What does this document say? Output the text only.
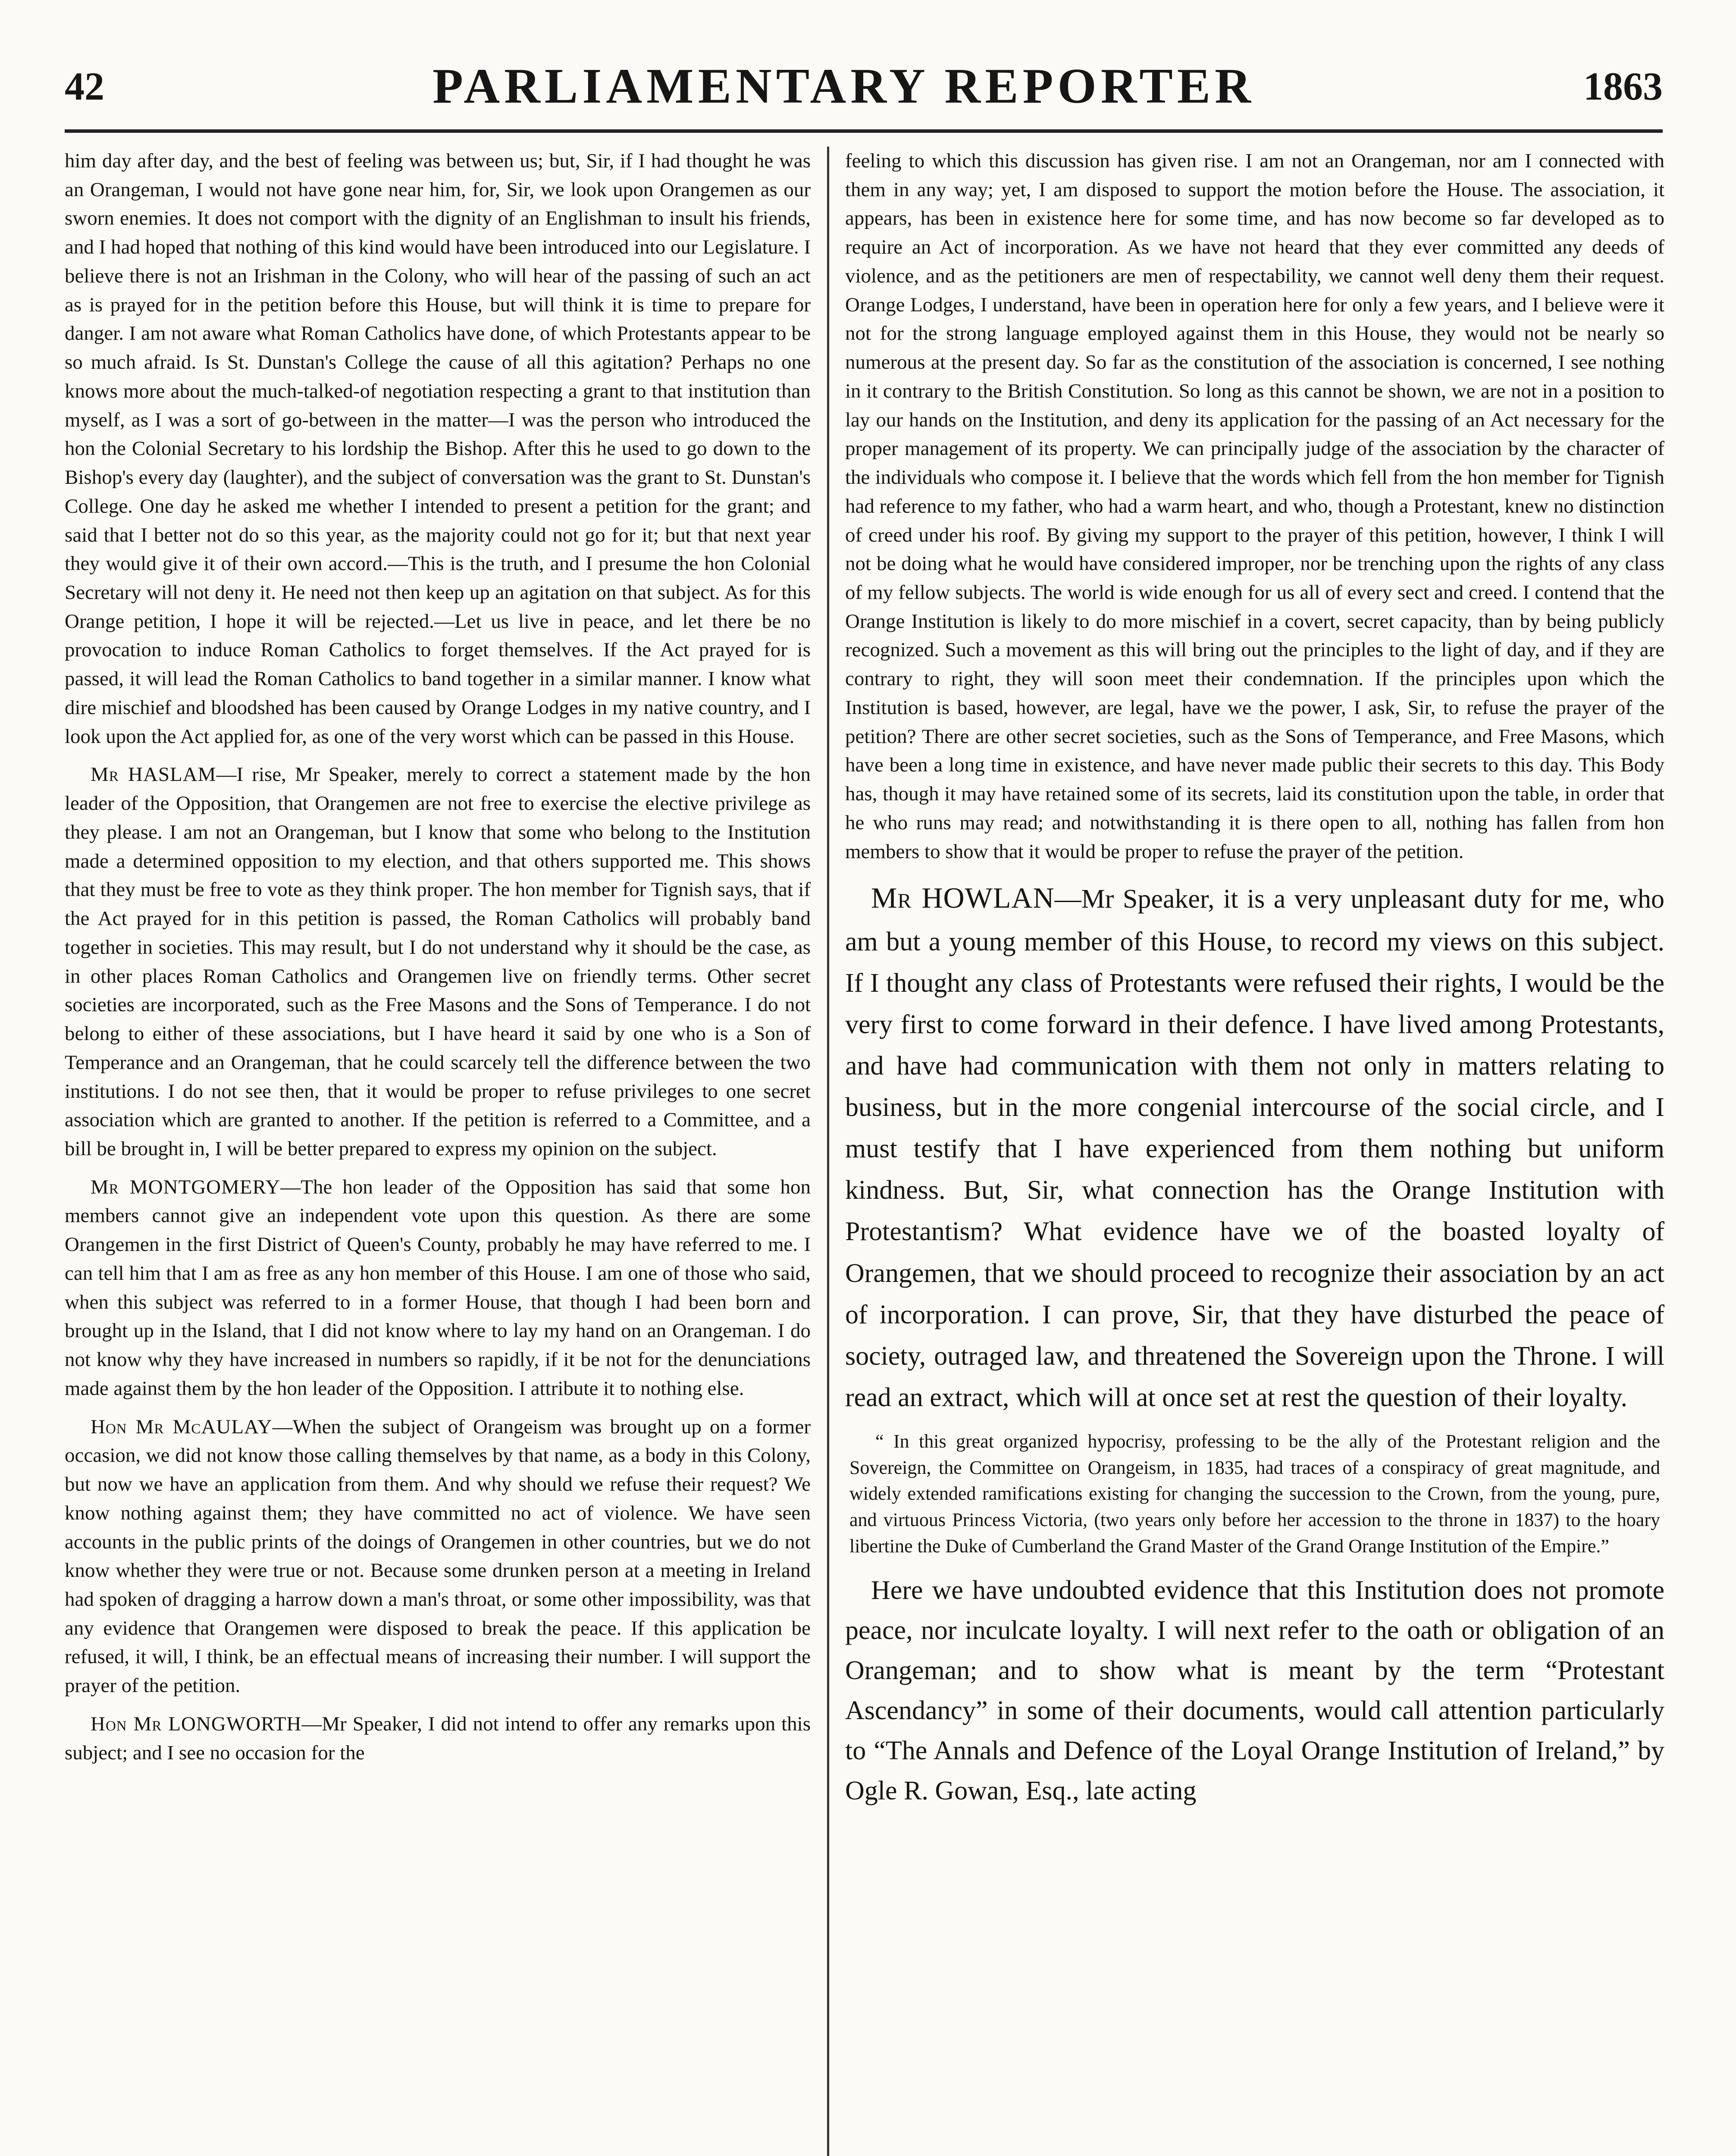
42	PARLIAMENTARY REPORTER	1863

him day after day, and the best of feeling was between us; but, Sir, if I had thought he was an Orangeman, I would not have gone near him, for, Sir, we look upon Orangemen as our sworn enemies. It does not comport with the dignity of an Englishman to insult his friends, and I had hoped that nothing of this kind would have been introduced into our Legislature. I believe there is not an Irishman in the Colony, who will hear of the passing of such an act as is prayed for in the petition before this House, but will think it is time to prepare for danger. I am not aware what Roman Catholics have done, of which Protestants appear to be so much afraid. Is St. Dunstan's College the cause of all this agitation? Perhaps no one knows more about the much-talked-of negotiation respecting a grant to that institution than myself, as I was a sort of go-between in the matter—I was the person who introduced the hon the Colonial Secretary to his lordship the Bishop. After this he used to go down to the Bishop's every day (laughter), and the subject of conversation was the grant to St. Dunstan's College. One day he asked me whether I intended to present a petition for the grant; and said that I better not do so this year, as the majority could not go for it; but that next year they would give it of their own accord.—This is the truth, and I presume the hon Colonial Secretary will not deny it. He need not then keep up an agitation on that subject. As for this Orange petition, I hope it will be rejected.—Let us live in peace, and let there be no provocation to induce Roman Catholics to forget themselves. If the Act prayed for is passed, it will lead the Roman Catholics to band together in a similar manner. I know what dire mischief and bloodshed has been caused by Orange Lodges in my native country, and I look upon the Act applied for, as one of the very worst which can be passed in this House.

Mr HASLAM—I rise, Mr Speaker, merely to correct a statement made by the hon leader of the Opposition, that Orangemen are not free to exercise the elective privilege as they please. I am not an Orangeman, but I know that some who belong to the Institution made a determined opposition to my election, and that others supported me. This shows that they must be free to vote as they think proper. The hon member for Tignish says, that if the Act prayed for in this petition is passed, the Roman Catholics will probably band together in societies. This may result, but I do not understand why it should be the case, as in other places Roman Catholics and Orangemen live on friendly terms. Other secret societies are incorporated, such as the Free Masons and the Sons of Temperance. I do not belong to either of these associations, but I have heard it said by one who is a Son of Temperance and an Orangeman, that he could scarcely tell the difference between the two institutions. I do not see then, that it would be proper to refuse privileges to one secret association which are granted to another. If the petition is referred to a Committee, and a bill be brought in, I will be better prepared to express my opinion on the subject.

Mr MONTGOMERY—The hon leader of the Opposition has said that some hon members cannot give an independent vote upon this question. As there are some Orangemen in the first District of Queen's County, probably he may have referred to me. I can tell him that I am as free as any hon member of this House. I am one of those who said, when this subject was referred to in a former House, that though I had been born and brought up in the Island, that I did not know where to lay my hand on an Orangeman. I do not know why they have increased in numbers so rapidly, if it be not for the denunciations made against them by the hon leader of the Opposition. I attribute it to nothing else.

Hon Mr McAULAY—When the subject of Orangeism was brought up on a former occasion, we did not know those calling themselves by that name, as a body in this Colony, but now we have an application from them. And why should we refuse their request? We know nothing against them; they have committed no act of violence. We have seen accounts in the public prints of the doings of Orangemen in other countries, but we do not know whether they were true or not. Because some drunken person at a meeting in Ireland had spoken of dragging a harrow down a man's throat, or some other impossibility, was that any evidence that Orangemen were disposed to break the peace. If this application be refused, it will, I think, be an effectual means of increasing their number. I will support the prayer of the petition.

Hon Mr LONGWORTH—Mr Speaker, I did not intend to offer any remarks upon this subject; and I see no occasion for the

feeling to which this discussion has given rise. I am not an Orangeman, nor am I connected with them in any way; yet, I am disposed to support the motion before the House. The association, it appears, has been in existence here for some time, and has now become so far developed as to require an Act of incorporation. As we have not heard that they ever committed any deeds of violence, and as the petitioners are men of respectability, we cannot well deny them their request. Orange Lodges, I understand, have been in operation here for only a few years, and I believe were it not for the strong language employed against them in this House, they would not be nearly so numerous at the present day. So far as the constitution of the association is concerned, I see nothing in it contrary to the British Constitution. So long as this cannot be shown, we are not in a position to lay our hands on the Institution, and deny its application for the passing of an Act necessary for the proper management of its property. We can principally judge of the association by the character of the individuals who compose it. I believe that the words which fell from the hon member for Tignish had reference to my father, who had a warm heart, and who, though a Protestant, knew no distinction of creed under his roof. By giving my support to the prayer of this petition, however, I think I will not be doing what he would have considered improper, nor be trenching upon the rights of any class of my fellow subjects. The world is wide enough for us all of every sect and creed. I contend that the Orange Institution is likely to do more mischief in a covert, secret capacity, than by being publicly recognized. Such a movement as this will bring out the principles to the light of day, and if they are contrary to right, they will soon meet their condemnation. If the principles upon which the Institution is based, however, are legal, have we the power, I ask, Sir, to refuse the prayer of the petition? There are other secret societies, such as the Sons of Temperance, and Free Masons, which have been a long time in existence, and have never made public their secrets to this day. This Body has, though it may have retained some of its secrets, laid its constitution upon the table, in order that he who runs may read; and notwithstanding it is there open to all, nothing has fallen from hon members to show that it would be proper to refuse the prayer of the petition.

Mr HOWLAN—Mr Speaker, it is a very unpleasant duty for me, who am but a young member of this House, to record my views on this subject. If I thought any class of Protestants were refused their rights, I would be the very first to come forward in their defence. I have lived among Protestants, and have had communication with them not only in matters relating to business, but in the more congenial intercourse of the social circle, and I must testify that I have experienced from them nothing but uniform kindness. But, Sir, what connection has the Orange Institution with Protestantism? What evidence have we of the boasted loyalty of Orangemen, that we should proceed to recognize their association by an act of incorporation. I can prove, Sir, that they have disturbed the peace of society, outraged law, and threatened the Sovereign upon the Throne. I will read an extract, which will at once set at rest the question of their loyalty.

“ In this great organized hypocrisy, professing to be the ally of the Protestant religion and the Sovereign, the Committee on Orangeism, in 1835, had traces of a conspiracy of great magnitude, and widely extended ramifications existing for changing the succession to the Crown, from the young, pure, and virtuous Princess Victoria, (two years only before her accession to the throne in 1837) to the hoary libertine the Duke of Cumberland the Grand Master of the Grand Orange Institution of the Empire.”

Here we have undoubted evidence that this Institution does not promote peace, nor inculcate loyalty. I will next refer to the oath or obligation of an Orangeman; and to show what is meant by the term “Protestant Ascendancy” in some of their documents, would call attention particularly to “The Annals and Defence of the Loyal Orange Institution of Ireland,” by Ogle R. Gowan, Esq., late acting
